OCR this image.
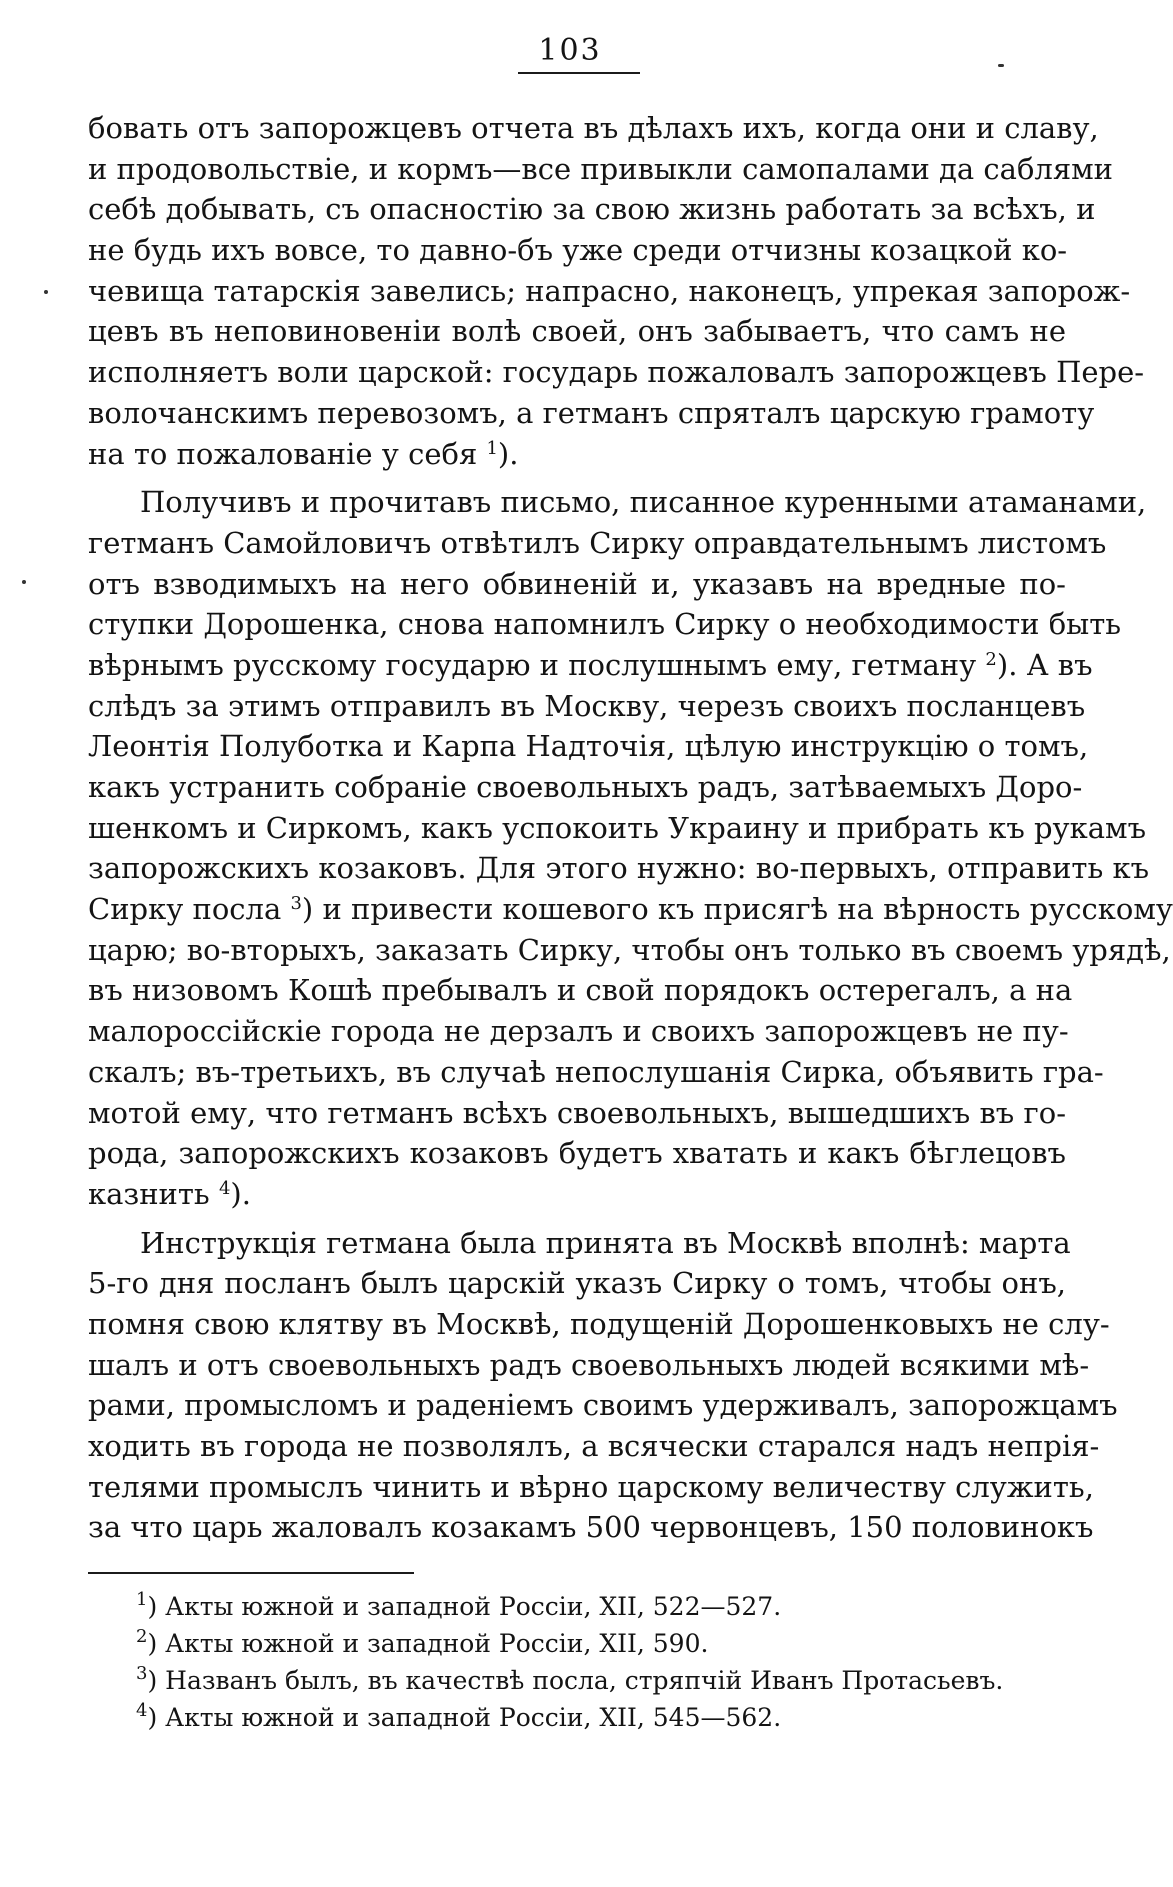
103
бовать отъ запорожцевъ отчета въ дѣлахъ ихъ, когда они и славу,
и продовольствіе, и кормъ—все привыкли самопалами да саблями
себѣ добывать, съ опасностію за свою жизнь работать за всѣхъ, и
не будь ихъ вовсе, то давно-бъ уже среди отчизны козацкой ко-
чевища татарскія завелись; напрасно, наконецъ, упрекая запорож-
цевъ въ неповиновеніи волѣ своей, онъ забываетъ, что самъ не
исполняетъ воли царской: государь пожаловалъ запорожцевъ Пере-
волочанскимъ перевозомъ, а гетманъ спряталъ царскую грамоту
на то пожалованіе у себя $^1$).
Получивъ и прочитавъ письмо, писанное куренными атаманами,
гетманъ Самойловичъ отвѣтилъ Сирку оправдательнымъ листомъ
отъ взводимыхъ на него обвиненій и, указавъ на вредные по-
ступки Дорошенка, снова напомнилъ Сирку о необходимости быть
вѣрнымъ русскому государю и послушнымъ ему, гетману $^2$). А въ
слѣдъ за этимъ отправилъ въ Москву, черезъ своихъ посланцевъ
Леонтія Полуботка и Карпа Надточія, цѣлую инструкцію о томъ,
какъ устранить собраніе своевольныхъ радъ, затѣваемыхъ Доро-
шенкомъ и Сиркомъ, какъ успокоить Украину и прибрать къ рукамъ
запорожскихъ козаковъ. Для этого нужно: во-первыхъ, отправить къ
Сирку посла $^3$) и привести кошевого къ присягѣ на вѣрность русскому
царю; во-вторыхъ, заказать Сирку, чтобы онъ только въ своемъ урядѣ,
въ низовомъ Кошѣ пребывалъ и свой порядокъ остерегалъ, а на
малороссійскіе города не дерзалъ и своихъ запорожцевъ не пу-
скалъ; въ-третьихъ, въ случаѣ непослушанія Сирка, объявить гра-
мотой ему, что гетманъ всѣхъ своевольныхъ, вышедшихъ въ го-
рода, запорожскихъ козаковъ будетъ хватать и какъ бѣглецовъ
казнить $^4$).
Инструкція гетмана была принята въ Москвѣ вполнѣ: марта
5-го дня посланъ былъ царскій указъ Сирку о томъ, чтобы онъ,
помня свою клятву въ Москвѣ, подущеній Дорошенковыхъ не слу-
шалъ и отъ своевольныхъ радъ своевольныхъ людей всякими мѣ-
рами, промысломъ и раденіемъ своимъ удерживалъ, запорожцамъ
ходить въ города не позволялъ, а всячески старался надъ непрія-
телями промыслъ чинить и вѣрно царскому величеству служить,
за что царь жаловалъ козакамъ 500 червонцевъ, 150 половинокъ
$^1$) Акты южной и западной Россіи, XII, 522—527.
$^2$) Акты южной и западной Россіи, XII, 590.
$^3$) Названъ былъ, въ качествѣ посла, стряпчій Иванъ Протасьевъ.
$^4$) Акты южной и западной Россіи, XII, 545—562.
